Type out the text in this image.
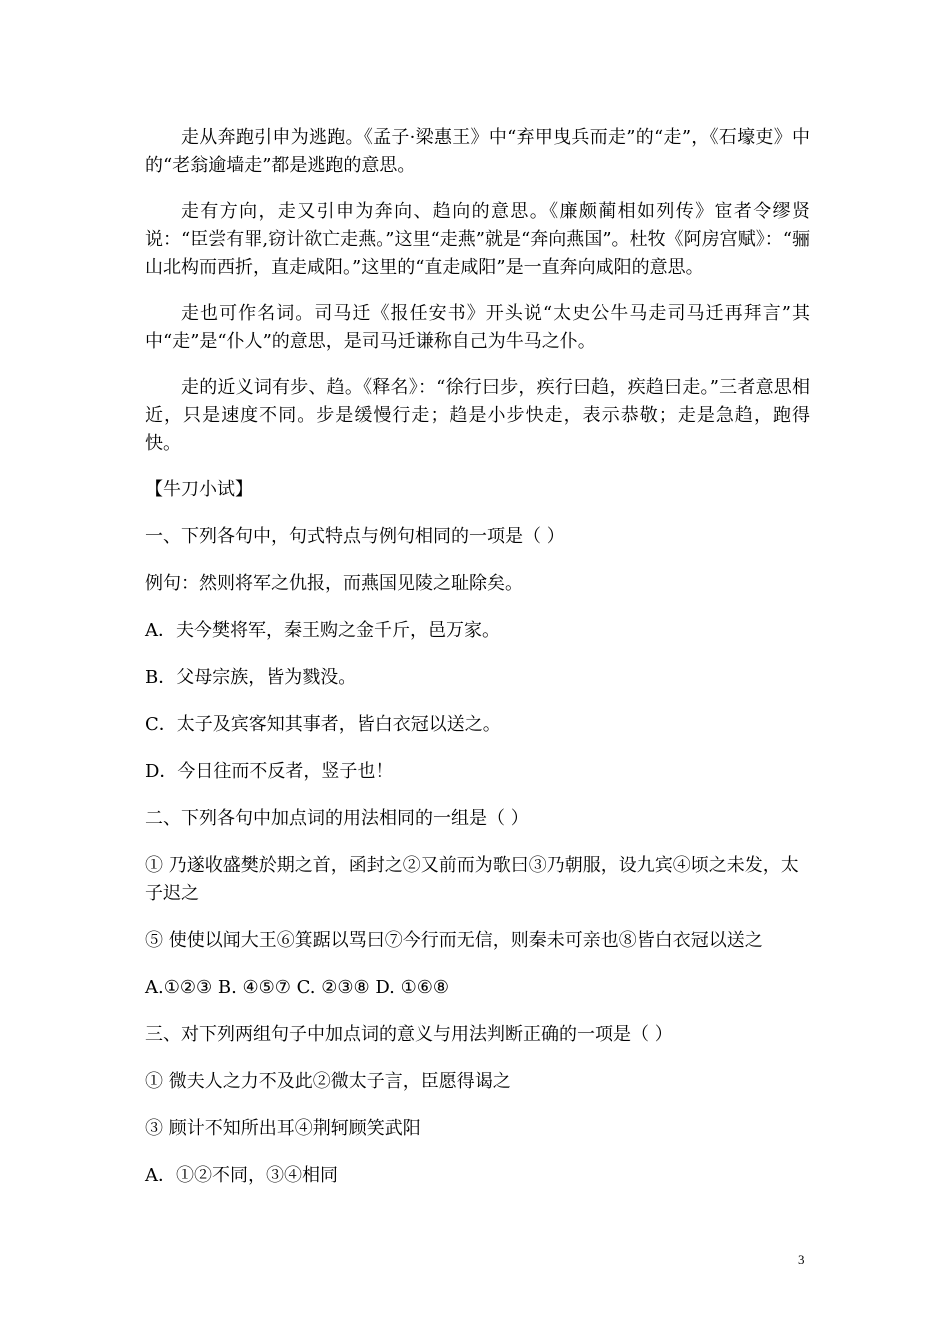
走从奔跑引申为逃跑。《孟子·梁惠王》中“弃甲曳兵而走”的“走”，《石壕吏》中的“老翁逾墙走”都是逃跑的意思。

走有方向，走又引申为奔向、趋向的意思。《廉颇蔺相如列传》宦者令缪贤说：“臣尝有罪,窃计欲亡走燕。”这里“走燕”就是“奔向燕国”。杜牧《阿房宫赋》：“骊山北构而西折，直走咸阳。”这里的“直走咸阳”是一直奔向咸阳的意思。

走也可作名词。司马迁《报任安书》开头说“太史公牛马走司马迁再拜言”其中“走”是“仆人”的意思，是司马迁谦称自己为牛马之仆。

走的近义词有步、趋。《释名》：“徐行曰步，疾行曰趋，疾趋曰走。”三者意思相近，只是速度不同。步是缓慢行走；趋是小步快走，表示恭敬；走是急趋，跑得快。

【牛刀小试】

一、下列各句中，句式特点与例句相同的一项是（ ）

例句：然则将军之仇报，而燕国见陵之耻除矣。

A．夫今樊将军，秦王购之金千斤，邑万家。

B．父母宗族，皆为戮没。

C．太子及宾客知其事者，皆白衣冠以送之。

D．今日往而不反者，竖子也！

二、下列各句中加点词的用法相同的一组是（ ）

① 乃遂收盛樊於期之首，函封之②又前而为歌曰③乃朝服，设九宾④顷之未发，太子迟之

⑤ 使使以闻大王⑥箕踞以骂曰⑦今行而无信，则秦未可亲也⑧皆白衣冠以送之

A.①②③ B. ④⑤⑦ C. ②③⑧ D. ①⑥⑧

三、对下列两组句子中加点词的意义与用法判断正确的一项是（ ）

① 微夫人之力不及此②微太子言，臣愿得谒之

③ 顾计不知所出耳④荆轲顾笑武阳

A．①②不同，③④相同

3
